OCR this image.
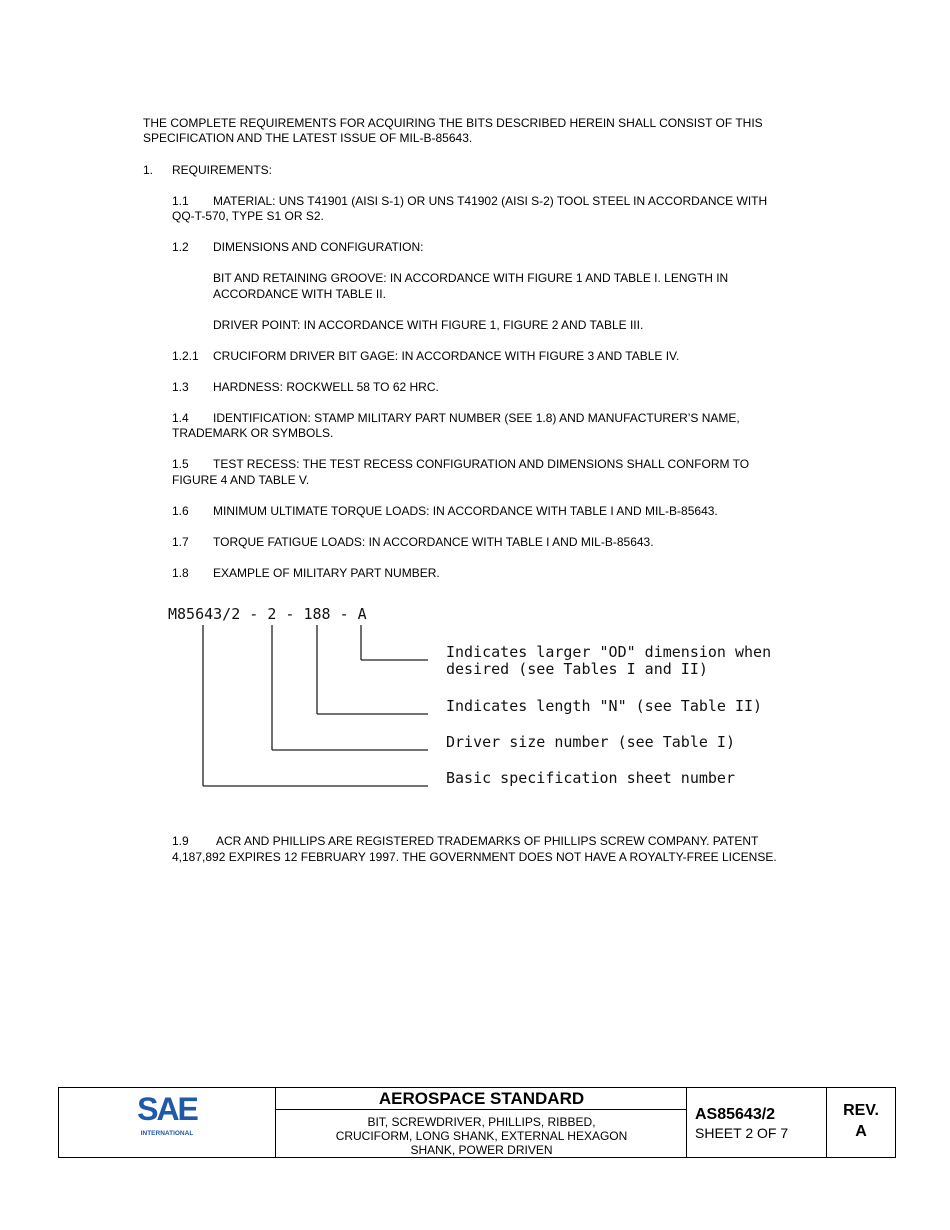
THE COMPLETE REQUIREMENTS FOR ACQUIRING THE BITS DESCRIBED HEREIN SHALL CONSIST OF THIS
SPECIFICATION AND THE LATEST ISSUE OF MIL-B-85643.
1. REQUIREMENTS:
1.1 MATERIAL: UNS T41901 (AISI S-1) OR UNS T41902 (AISI S-2) TOOL STEEL IN ACCORDANCE WITH
QQ-T-570, TYPE S1 OR S2.
1.2 DIMENSIONS AND CONFIGURATION:
BIT AND RETAINING GROOVE: IN ACCORDANCE WITH FIGURE 1 AND TABLE I. LENGTH IN
ACCORDANCE WITH TABLE II.
DRIVER POINT: IN ACCORDANCE WITH FIGURE 1, FIGURE 2 AND TABLE III.
1.2.1 CRUCIFORM DRIVER BIT GAGE: IN ACCORDANCE WITH FIGURE 3 AND TABLE IV.
1.3 HARDNESS: ROCKWELL 58 TO 62 HRC.
1.4 IDENTIFICATION: STAMP MILITARY PART NUMBER (SEE 1.8) AND MANUFACTURER’S NAME,
TRADEMARK OR SYMBOLS.
1.5 TEST RECESS: THE TEST RECESS CONFIGURATION AND DIMENSIONS SHALL CONFORM TO
FIGURE 4 AND TABLE V.
1.6 MINIMUM ULTIMATE TORQUE LOADS: IN ACCORDANCE WITH TABLE I AND MIL-B-85643.
1.7 TORQUE FATIGUE LOADS: IN ACCORDANCE WITH TABLE I AND MIL-B-85643.
1.8 EXAMPLE OF MILITARY PART NUMBER.
M85643/2 - 2 - 188 - A
Indicates larger "OD" dimension when
desired (see Tables I and II)
Indicates length "N" (see Table II)
Driver size number (see Table I)
Basic specification sheet number
1.9 ACR AND PHILLIPS ARE REGISTERED TRADEMARKS OF PHILLIPS SCREW COMPANY. PATENT
4,187,892 EXPIRES 12 FEBRUARY 1997. THE GOVERNMENT DOES NOT HAVE A ROYALTY-FREE LICENSE.
SAE
INTERNATIONAL
AEROSPACE STANDARD
BIT, SCREWDRIVER, PHILLIPS, RIBBED,
CRUCIFORM, LONG SHANK, EXTERNAL HEXAGON
SHANK, POWER DRIVEN
AS85643/2
SHEET 2 OF 7
REV.
A
